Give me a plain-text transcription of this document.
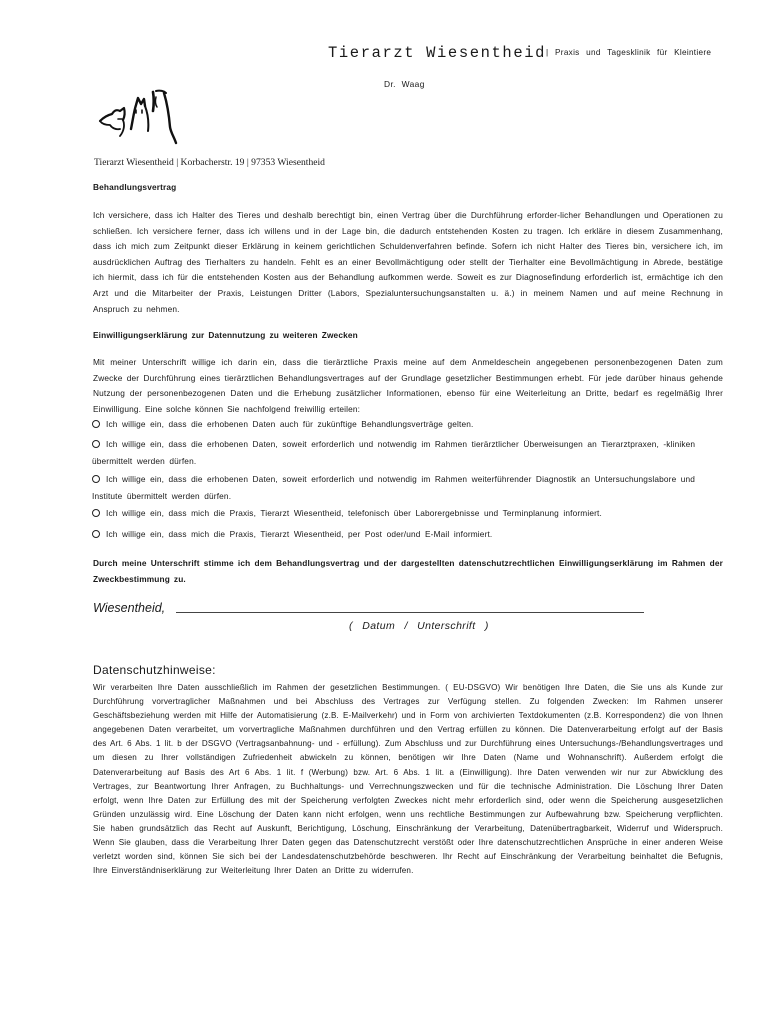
Tierarzt Wiesentheid$^{| Praxis und Tagesklinik für Kleintiere}$
Dr. Waag
Tierarzt Wiesentheid | Korbacherstr. 19 | 97353 Wiesentheid
Behandlungsvertrag
Ich versichere, dass ich Halter des Tieres und deshalb berechtigt bin, einen Vertrag über die Durchführung erforder-licher Behandlungen und Operationen zu schließen. Ich versichere ferner, dass ich willens und in der Lage bin, die dadurch entstehenden Kosten zu tragen. Ich erkläre in diesem Zusammenhang, dass ich mich zum Zeitpunkt dieser Erklärung in keinem gerichtlichen Schuldenverfahren befinde. Sofern ich nicht Halter des Tieres bin, versichere ich, im ausdrücklichen Auftrag des Tierhalters zu handeln. Fehlt es an einer Bevollmächtigung oder stellt der Tierhalter eine Bevollmächtigung in Abrede, bestätige ich hiermit, dass ich für die entstehenden Kosten aus der Behandlung aufkommen werde. Soweit es zur Diagnosefindung erforderlich ist, ermächtige ich den Arzt und die Mitarbeiter der Praxis, Leistungen Dritter (Labors, Spezialuntersuchungsanstalten u. ä.) in meinem Namen und auf meine Rechnung in Anspruch zu nehmen.
Einwilligungserklärung zur Datennutzung zu weiteren Zwecken
Mit meiner Unterschrift willige ich darin ein, dass die tierärztliche Praxis meine auf dem Anmeldeschein angegebenen personenbezogenen Daten zum Zwecke der Durchführung eines tierärztlichen Behandlungsvertrages auf der Grundlage gesetzlicher Bestimmungen erhebt. Für jede darüber hinaus gehende Nutzung der personenbezogenen Daten und die Erhebung zusätzlicher Informationen, ebenso für eine Weiterleitung an Dritte, bedarf es regelmäßig Ihrer Einwilligung. Eine solche können Sie nachfolgend freiwillig erteilen:
Ich willige ein, dass die erhobenen Daten auch für zukünftige Behandlungsverträge gelten.
Ich willige ein, dass die erhobenen Daten, soweit erforderlich und notwendig im Rahmen tierärztlicher Überweisungen an Tierarztpraxen, -kliniken übermittelt werden dürfen.
Ich willige ein, dass die erhobenen Daten, soweit erforderlich und notwendig im Rahmen weiterführender Diagnostik an Untersuchungslabore und Institute übermittelt werden dürfen.
Ich willige ein, dass mich die Praxis, Tierarzt Wiesentheid, telefonisch über Laborergebnisse und Terminplanung informiert.
Ich willige ein, dass mich die Praxis, Tierarzt Wiesentheid, per Post oder/und E-Mail informiert.
Durch meine Unterschrift stimme ich dem Behandlungsvertrag und der dargestellten datenschutzrechtlichen Einwilligungserklärung im Rahmen der Zweckbestimmung zu.
Wiesentheid,
( Datum / Unterschrift )
Datenschutzhinweise:
Wir verarbeiten Ihre Daten ausschließlich im Rahmen der gesetzlichen Bestimmungen. ( EU-DSGVO) Wir benötigen Ihre Daten, die Sie uns als Kunde zur Durchführung vorvertraglicher Maßnahmen und bei Abschluss des Vertrages zur Verfügung stellen. Zu folgenden Zwecken: Im Rahmen unserer Geschäftsbeziehung werden mit Hilfe der Automatisierung (z.B. E-Mailverkehr) und in Form von archivierten Textdokumenten (z.B. Korrespondenz) die von Ihnen angegebenen Daten verarbeitet, um vorvertragliche Maßnahmen durchführen und den Vertrag erfüllen zu können. Die Datenverarbeitung erfolgt auf der Basis des Art. 6 Abs. 1 lit. b der DSGVO (Vertragsanbahnung- und - erfüllung). Zum Abschluss und zur Durchführung eines Untersuchungs-/Behandlungsvertrages und um diesen zu Ihrer vollständigen Zufriedenheit abwickeln zu können, benötigen wir Ihre Daten (Name und Wohnanschrift). Außerdem erfolgt die Datenverarbeitung auf Basis des Art 6 Abs. 1 lit. f (Werbung) bzw. Art. 6 Abs. 1 lit. a (Einwilligung). Ihre Daten verwenden wir nur zur Abwicklung des Vertrages, zur Beantwortung Ihrer Anfragen, zu Buchhaltungs- und Verrechnungszwecken und für die technische Administration. Die Löschung Ihrer Daten erfolgt, wenn Ihre Daten zur Erfüllung des mit der Speicherung verfolgten Zweckes nicht mehr erforderlich sind, oder wenn die Speicherung ausgesetzlichen Gründen unzulässig wird. Eine Löschung der Daten kann nicht erfolgen, wenn uns rechtliche Bestimmungen zur Aufbewahrung bzw. Speicherung verpflichten. Sie haben grundsätzlich das Recht auf Auskunft, Berichtigung, Löschung, Einschränkung der Verarbeitung, Datenübertragbarkeit, Widerruf und Widerspruch. Wenn Sie glauben, dass die Verarbeitung Ihrer Daten gegen das Datenschutzrecht verstößt oder Ihre datenschutzrechtlichen Ansprüche in einer anderen Weise verletzt worden sind, können Sie sich bei der Landesdatenschutzbehörde beschweren. Ihr Recht auf Einschränkung der Verarbeitung beinhaltet die Befugnis, Ihre Einverständniserklärung zur Weiterleitung Ihrer Daten an Dritte zu widerrufen.
